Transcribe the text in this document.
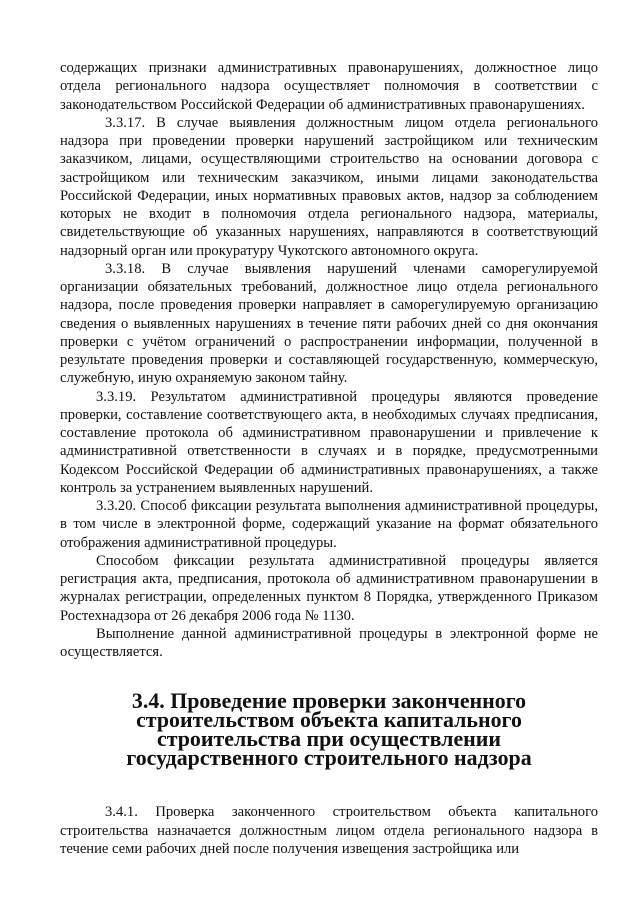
содержащих признаки административных правонарушениях, должностное лицо отдела регионального надзора осуществляет полномочия в соответствии с законодательством Российской Федерации об административных правонарушениях.

3.3.17. В случае выявления должностным лицом отдела регионального надзора при проведении проверки нарушений застройщиком или техническим заказчиком, лицами, осуществляющими строительство на основании договора с застройщиком или техническим заказчиком, иными лицами законодательства Российской Федерации, иных нормативных правовых актов, надзор за соблюдением которых не входит в полномочия отдела регионального надзора, материалы, свидетельствующие об указанных нарушениях, направляются в соответствующий надзорный орган или прокуратуру Чукотского автономного округа.

3.3.18. В случае выявления нарушений членами саморегулируемой организации обязательных требований, должностное лицо отдела регионального надзора, после проведения проверки направляет в саморегулируемую организацию сведения о выявленных нарушениях в течение пяти рабочих дней со дня окончания проверки с учётом ограничений о распространении информации, полученной в результате проведения проверки и составляющей государственную, коммерческую, служебную, иную охраняемую законом тайну.

3.3.19. Результатом административной процедуры являются проведение проверки, составление соответствующего акта, в необходимых случаях предписания, составление протокола об административном правонарушении и привлечение к административной ответственности в случаях и в порядке, предусмотренными Кодексом Российской Федерации об административных правонарушениях, а также контроль за устранением выявленных нарушений.

3.3.20. Способ фиксации результата выполнения административной процедуры, в том числе в электронной форме, содержащий указание на формат обязательного отображения административной процедуры.

Способом фиксации результата административной процедуры является регистрация акта, предписания, протокола об административном правонарушении в журналах регистрации, определенных пунктом 8 Порядка, утвержденного Приказом Ростехнадзора от 26 декабря 2006 года № 1130.

Выполнение данной административной процедуры в электронной форме не осуществляется.

3.4. Проведение проверки законченного строительством объекта капитального строительства при осуществлении государственного строительного надзора

3.4.1. Проверка законченного строительством объекта капитального строительства назначается должностным лицом отдела регионального надзора в течение семи рабочих дней после получения извещения застройщика или
